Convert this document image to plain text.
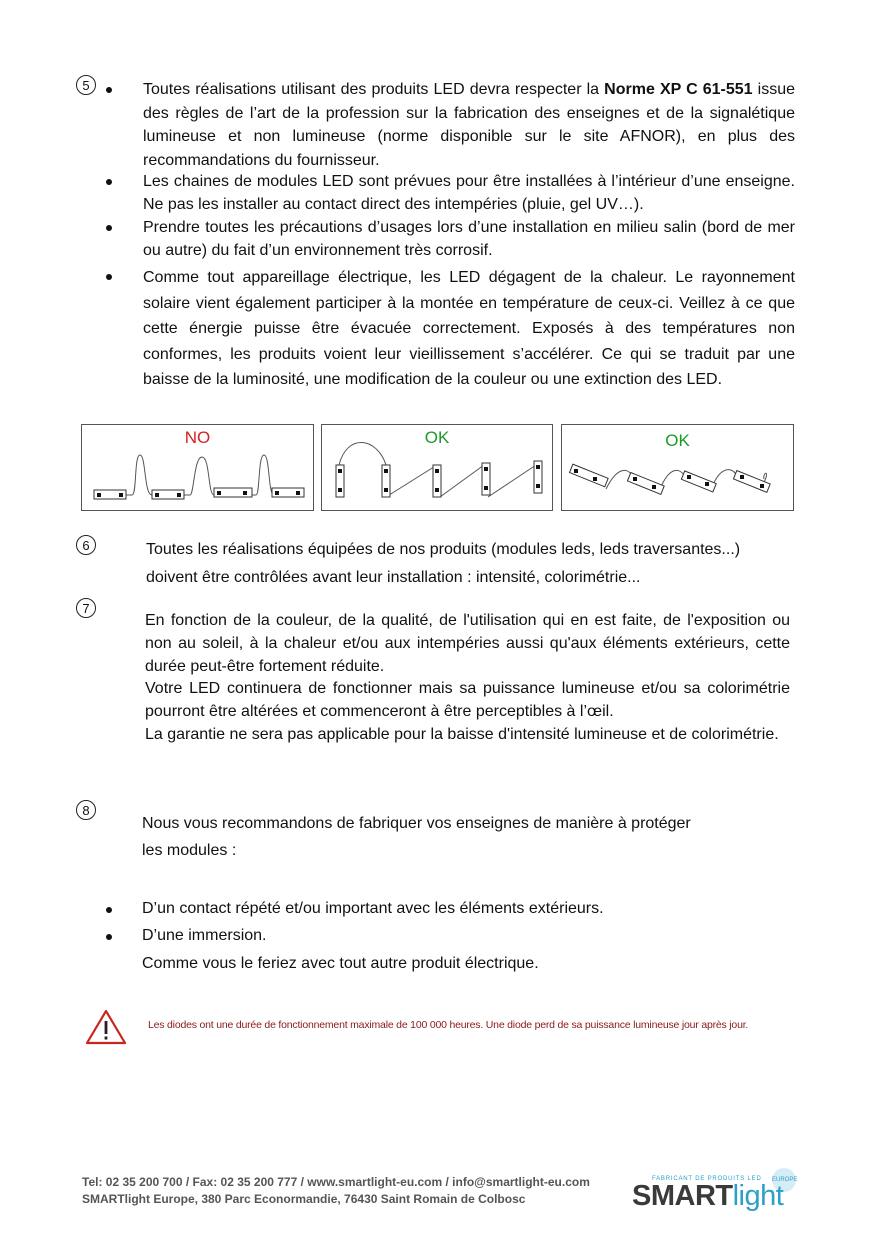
5	Toutes réalisations utilisant des produits LED devra respecter la Norme XP C 61-551 issue des règles de l’art de la profession sur la fabrication des enseignes et de la signalétique lumineuse et non lumineuse (norme disponible sur le site AFNOR), en plus des recommandations du fournisseur.
Les chaines de modules LED sont prévues pour être installées à l’intérieur d’une enseigne. Ne pas les installer au contact direct des intempéries (pluie, gel UV…).
Prendre toutes les précautions d’usages lors d’une installation en milieu salin (bord de mer ou autre) du fait d’un environnement très corrosif.
Comme tout appareillage électrique, les LED dégagent de la chaleur. Le rayonnement solaire vient également participer à la montée en température de ceux-ci. Veillez à ce que cette énergie puisse être évacuée correctement. Exposés à des températures non conformes, les produits voient leur vieillissement s’accélérer. Ce qui se traduit par une baisse de la luminosité, une modification de la couleur ou une extinction des LED.
NO	OK	OK
6	Toutes les réalisations équipées de nos produits (modules leds, leds traversantes...)
doivent être contrôlées avant leur installation : intensité, colorimétrie...
7
En fonction de la couleur, de la qualité, de l'utilisation qui en est faite, de l'exposition ou non au soleil, à la chaleur et/ou aux intempéries aussi qu'aux éléments extérieurs, cette durée peut-être fortement réduite.
Votre LED continuera de fonctionner mais sa puissance lumineuse et/ou sa colorimétrie pourront être altérées et commenceront à être perceptibles à l’œil.
La garantie ne sera pas applicable pour la baisse d'intensité lumineuse et de colorimétrie.
8
Nous vous recommandons de fabriquer vos enseignes de manière à protéger
les modules :
D’un contact répété et/ou important avec les éléments extérieurs.
D’une immersion.
Comme vous le feriez avec tout autre produit électrique.
Les diodes ont une durée de fonctionnement maximale de 100 000 heures. Une diode perd de sa puissance lumineuse jour après jour.
Tel: 02 35 200 700 / Fax: 02 35 200 777 / www.smartlight-eu.com / info@smartlight-eu.com
SMARTlight Europe, 380 Parc Econormandie, 76430 Saint Romain de Colbosc
FABRICANT DE PRODUITS LED EUROPE
SMARTlight
